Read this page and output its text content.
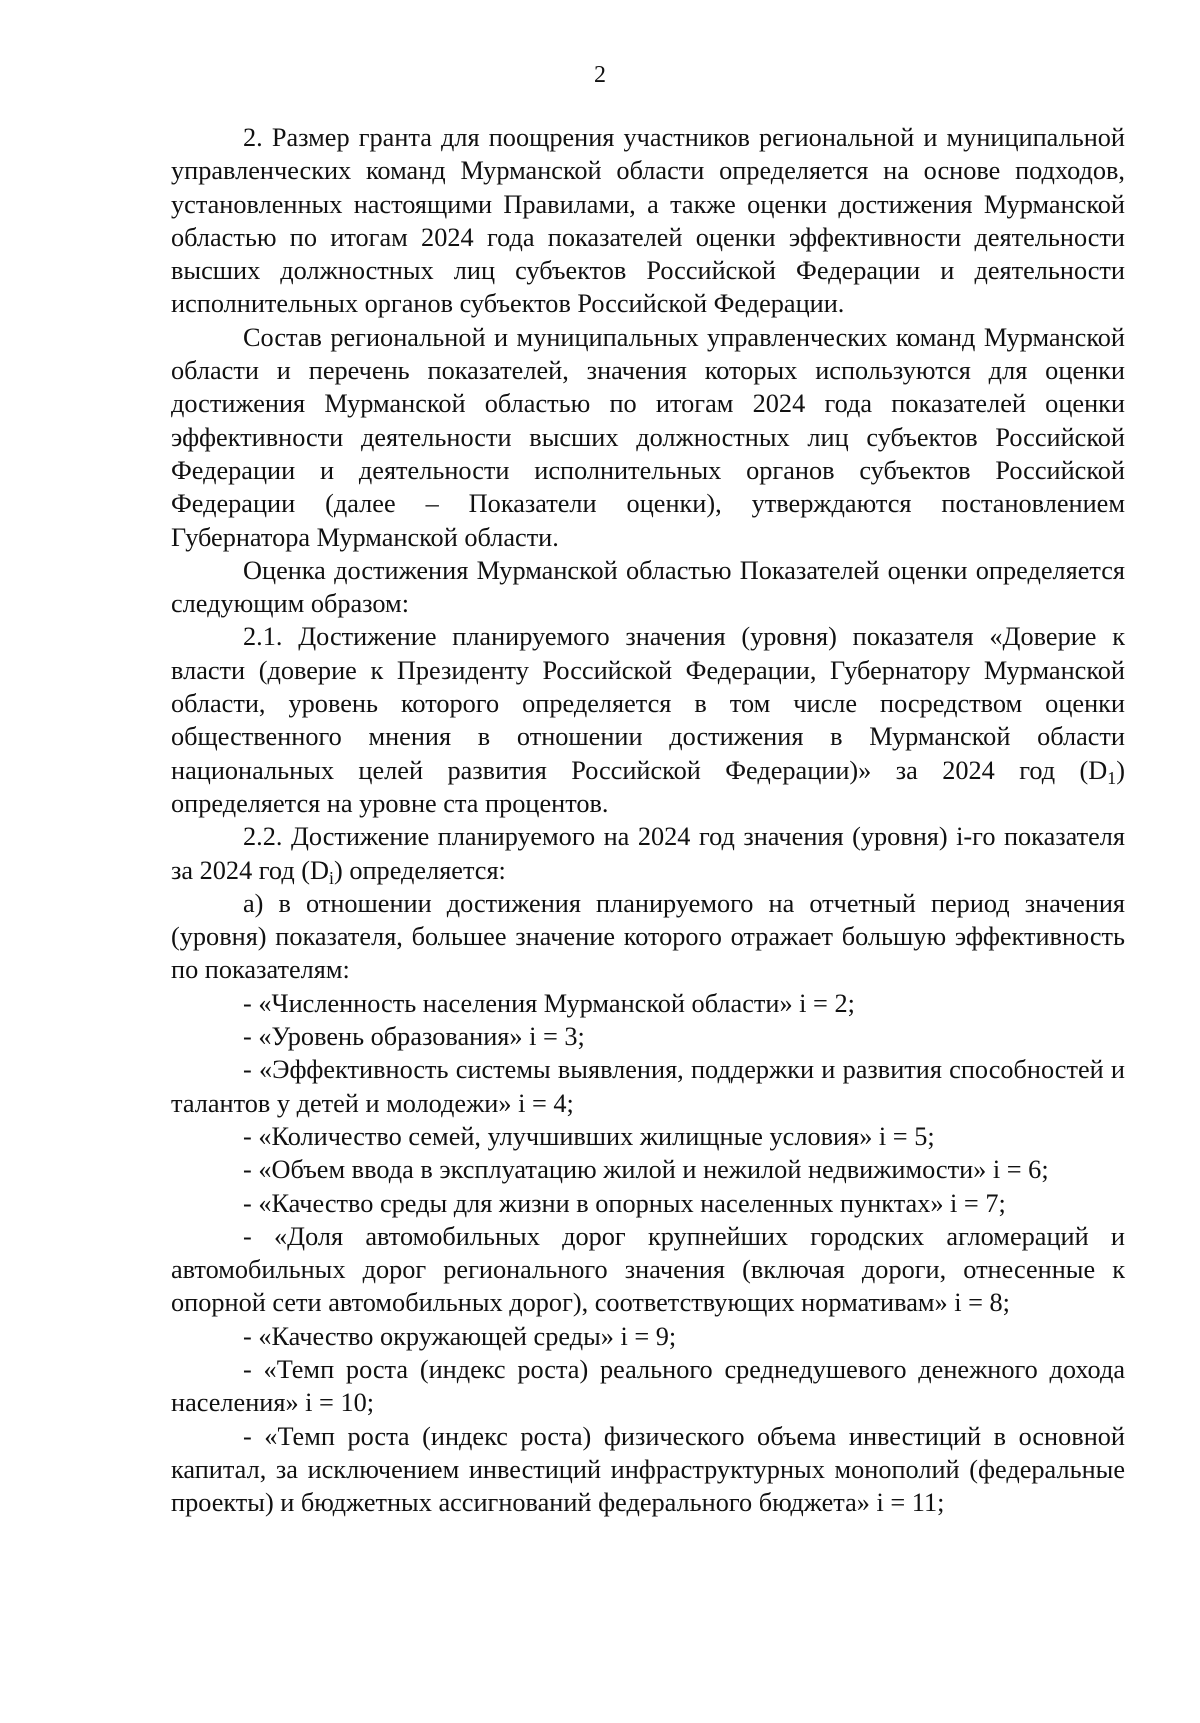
2

2. Размер гранта для поощрения участников региональной и муниципальной управленческих команд Мурманской области определяется на основе подходов, установленных настоящими Правилами, а также оценки достижения Мурманской областью по итогам 2024 года показателей оценки эффективности деятельности высших должностных лиц субъектов Российской Федерации и деятельности исполнительных органов субъектов Российской Федерации.

Состав региональной и муниципальных управленческих команд Мурманской области и перечень показателей, значения которых используются для оценки достижения Мурманской областью по итогам 2024 года показателей оценки эффективности деятельности высших должностных лиц субъектов Российской Федерации и деятельности исполнительных органов субъектов Российской Федерации (далее – Показатели оценки), утверждаются постановлением Губернатора Мурманской области.

Оценка достижения Мурманской областью Показателей оценки определяется следующим образом:

2.1. Достижение планируемого значения (уровня) показателя «Доверие к власти (доверие к Президенту Российской Федерации, Губернатору Мурманской области, уровень которого определяется в том числе посредством оценки общественного мнения в отношении достижения в Мурманской области национальных целей развития Российской Федерации)» за 2024 год $(D_1)$ определяется на уровне ста процентов.

2.2. Достижение планируемого на 2024 год значения (уровня) i-го показателя за 2024 год $(D_i)$ определяется:

а) в отношении достижения планируемого на отчетный период значения (уровня) показателя, большее значение которого отражает большую эффективность по показателям:

- «Численность населения Мурманской области» i = 2;

- «Уровень образования» i = 3;

- «Эффективность системы выявления, поддержки и развития способностей и талантов у детей и молодежи» i = 4;

- «Количество семей, улучшивших жилищные условия» i = 5;

- «Объем ввода в эксплуатацию жилой и нежилой недвижимости» i = 6;

- «Качество среды для жизни в опорных населенных пунктах» i = 7;

- «Доля автомобильных дорог крупнейших городских агломераций и автомобильных дорог регионального значения (включая дороги, отнесенные к опорной сети автомобильных дорог), соответствующих нормативам» i = 8;

- «Качество окружающей среды» i = 9;

- «Темп роста (индекс роста) реального среднедушевого денежного дохода населения» i = 10;

- «Темп роста (индекс роста) физического объема инвестиций в основной капитал, за исключением инвестиций инфраструктурных монополий (федеральные проекты) и бюджетных ассигнований федерального бюджета» i = 11;
